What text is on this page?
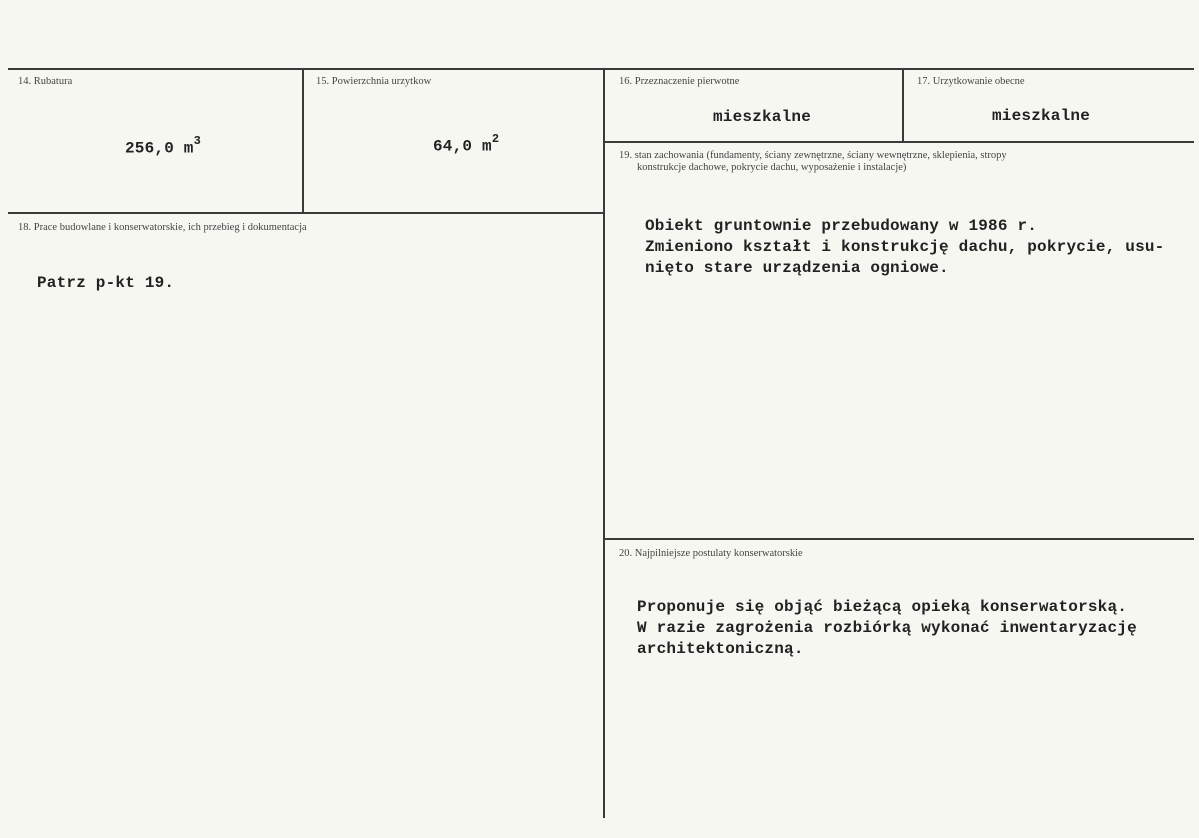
14. Rubatura
256,0 $m^3$
15. Powierzchnia urzytkow
64,0 $m^2$
16. Przeznaczenie pierwotne
mieszkalne
17. Urzytkowanie obecne
mieszkalne
18. Prace budowlane i konserwatorskie, ich przebieg i dokumentacja
Patrz p-kt 19.
19. stan zachowania (fundamenty, ściany zewnętrzne, ściany wewnętrzne, sklepienia, stropy
konstrukcje dachowe, pokrycie dachu, wyposażenie i instalacje)
Obiekt gruntownie przebudowany w 1986 r.
Zmieniono kształt i konstrukcję dachu, pokrycie, usu-
nięto stare urządzenia ogniowe.
20. Najpilniejsze postulaty konserwatorskie
Proponuje się objąć bieżącą opieką konserwatorską.
W razie zagrożenia rozbiórką wykonać inwentaryzację
architektoniczną.
